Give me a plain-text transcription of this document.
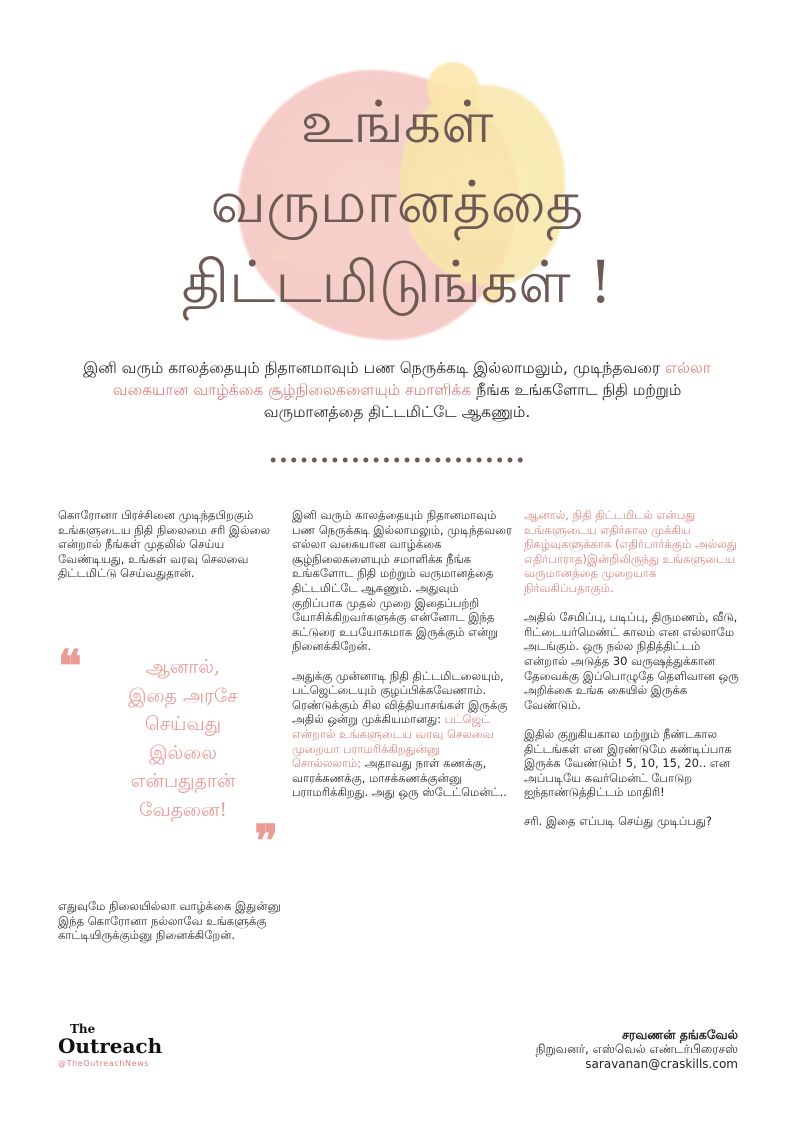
உங்கள்
வருமானத்தை
திட்டமிடுங்கள் !
இனி வரும் காலத்தையும் நிதானமாவும் பண நெருக்கடி இல்லாமலும், முடிந்தவரை எல்லா வகையான வாழ்க்கை சூழ்நிலைகளையும் சமாளிக்க நீங்க உங்களோட நிதி மற்றும் வருமானத்தை திட்டமிட்டே ஆகணும்.

கொரோனா பிரச்சினை முடிந்தபிறகும் உங்களுடைய நிதி நிலைமை சரி இல்லை என்றால் நீங்கள் முதலில் செய்ய வேண்டியது, உங்கள் வரவு செலவை திட்டமிட்டு செய்வதுதான்.

❝	ஆனால்,
இதை அரசே
செய்வது
இல்லை
என்பதுதான்
வேதனை!
❞
எதுவுமே நிலையில்லா வாழ்க்கை இதுன்னு இந்த கொரோனா நல்லாவே உங்களுக்கு காட்டியிருக்கும்னு நினைக்கிறேன்.

இனி வரும் காலத்தையும் நிதானமாவும் பண நெருக்கடி இல்லாமலும், முடிந்தவரை எல்லா வகையான வாழ்க்கை சூழ்நிலைகளையும் சமாளிக்க நீங்க உங்களோட நிதி மற்றும் வருமானத்தை திட்டமிட்டே ஆகணும். அதுவும் குறிப்பாக முதல் முறை இதைப்பற்றி யோசிக்கிறவர்களுக்கு என்னோட இந்த கட்டுரை உபயோகமாக இருக்கும் என்று நினைக்கிறேன்.

அதுக்கு முன்னாடி நிதி திட்டமிடலையும், பட்ஜெட்டையும் குழப்பிக்கவேணாம். ரெண்டுக்கும் சில வித்தியாசங்கள் இருக்கு அதில் ஒன்று முக்கியமானது: பட்ஜெட் என்றால் உங்களுடைய வரவு செலவை முறையா பராமரிக்கிறதுன்னு சொல்லலாம்; அதாவது நாள் கணக்கு, வாரக்கணக்கு, மாசக்கணக்குன்னு பராமரிக்கிறது. அது ஒரு ஸ்டேட்மென்ட்..

ஆனால், நிதி திட்டமிடல் என்பது உங்களுடைய எதிர்கால முக்கிய நிகழ்வுகளுக்காக (எதிர்பார்க்கும் அல்லது எதிர்பாராத)இன்றிலிருந்து உங்களுடைய வருமானத்தை முறையாக நிர்வகிப்பதாகும்.

அதில் சேமிப்பு, படிப்பு, திருமணம், வீடு, ரிட்டையர்மெண்ட் காலம் என எல்லாமே அடங்கும். ஒரு நல்ல நிதித்திட்டம் என்றால் அடுத்த 30 வருஷத்துக்கான தேவைக்கு இப்பொழுதே தெளிவான ஒரு அறிக்கை உங்க கையில் இருக்க வேண்டும்.

இதில் குறுகியகால மற்றும் நீண்டகால திட்டங்கள் என இரண்டுமே கண்டிப்பாக இருக்க வேண்டும்! 5, 10, 15, 20.. என அப்படியே கவர்மென்ட் போடுற ஐந்தாண்டுத்திட்டம் மாதிரி!

சரி. இதை எப்படி செய்து முடிப்பது?

The
Outreach
@TheOutreachNews
சரவணன் தங்கவேல்
நிறுவனர், எஸ்வெல் எண்டர்பிரைசஸ்
saravanan@craskills.com
